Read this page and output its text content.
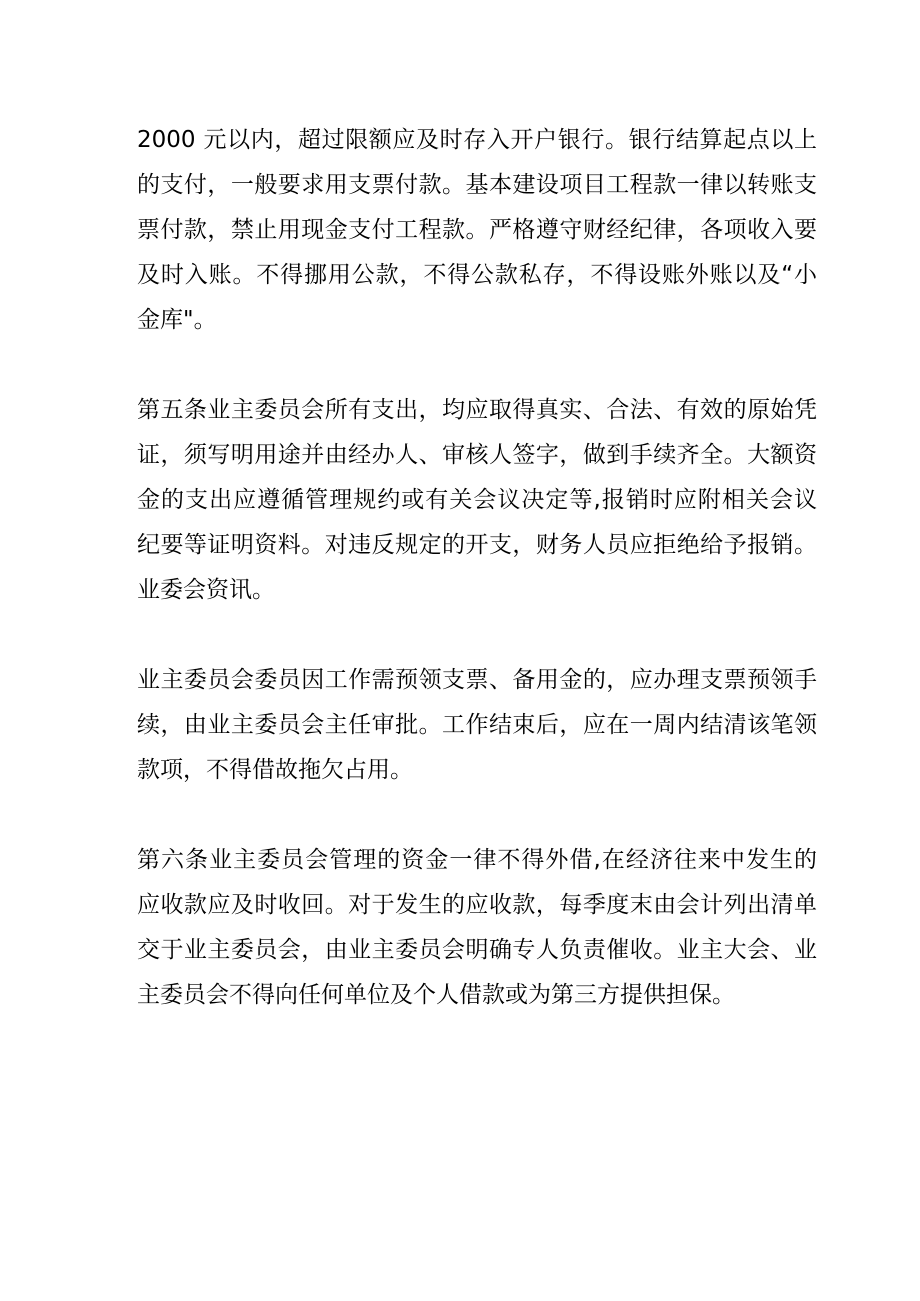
2000 元以内，超过限额应及时存入开户银行。银行结算起点以上
的支付，一般要求用支票付款。基本建设项目工程款一律以转账支
票付款，禁止用现金支付工程款。严格遵守财经纪律，各项收入要
及时入账。不得挪用公款，不得公款私存，不得设账外账以及“小
金库"。

第五条业主委员会所有支出，均应取得真实、合法、有效的原始凭
证，须写明用途并由经办人、审核人签字，做到手续齐全。大额资
金的支出应遵循管理规约或有关会议决定等,报销时应附相关会议
纪要等证明资料。对违反规定的开支，财务人员应拒绝给予报销。
业委会资讯。

业主委员会委员因工作需预领支票、备用金的，应办理支票预领手
续，由业主委员会主任审批。工作结束后，应在一周内结清该笔领
款项，不得借故拖欠占用。

第六条业主委员会管理的资金一律不得外借,在经济往来中发生的
应收款应及时收回。对于发生的应收款，每季度末由会计列出清单
交于业主委员会，由业主委员会明确专人负责催收。业主大会、业
主委员会不得向任何单位及个人借款或为第三方提供担保。
